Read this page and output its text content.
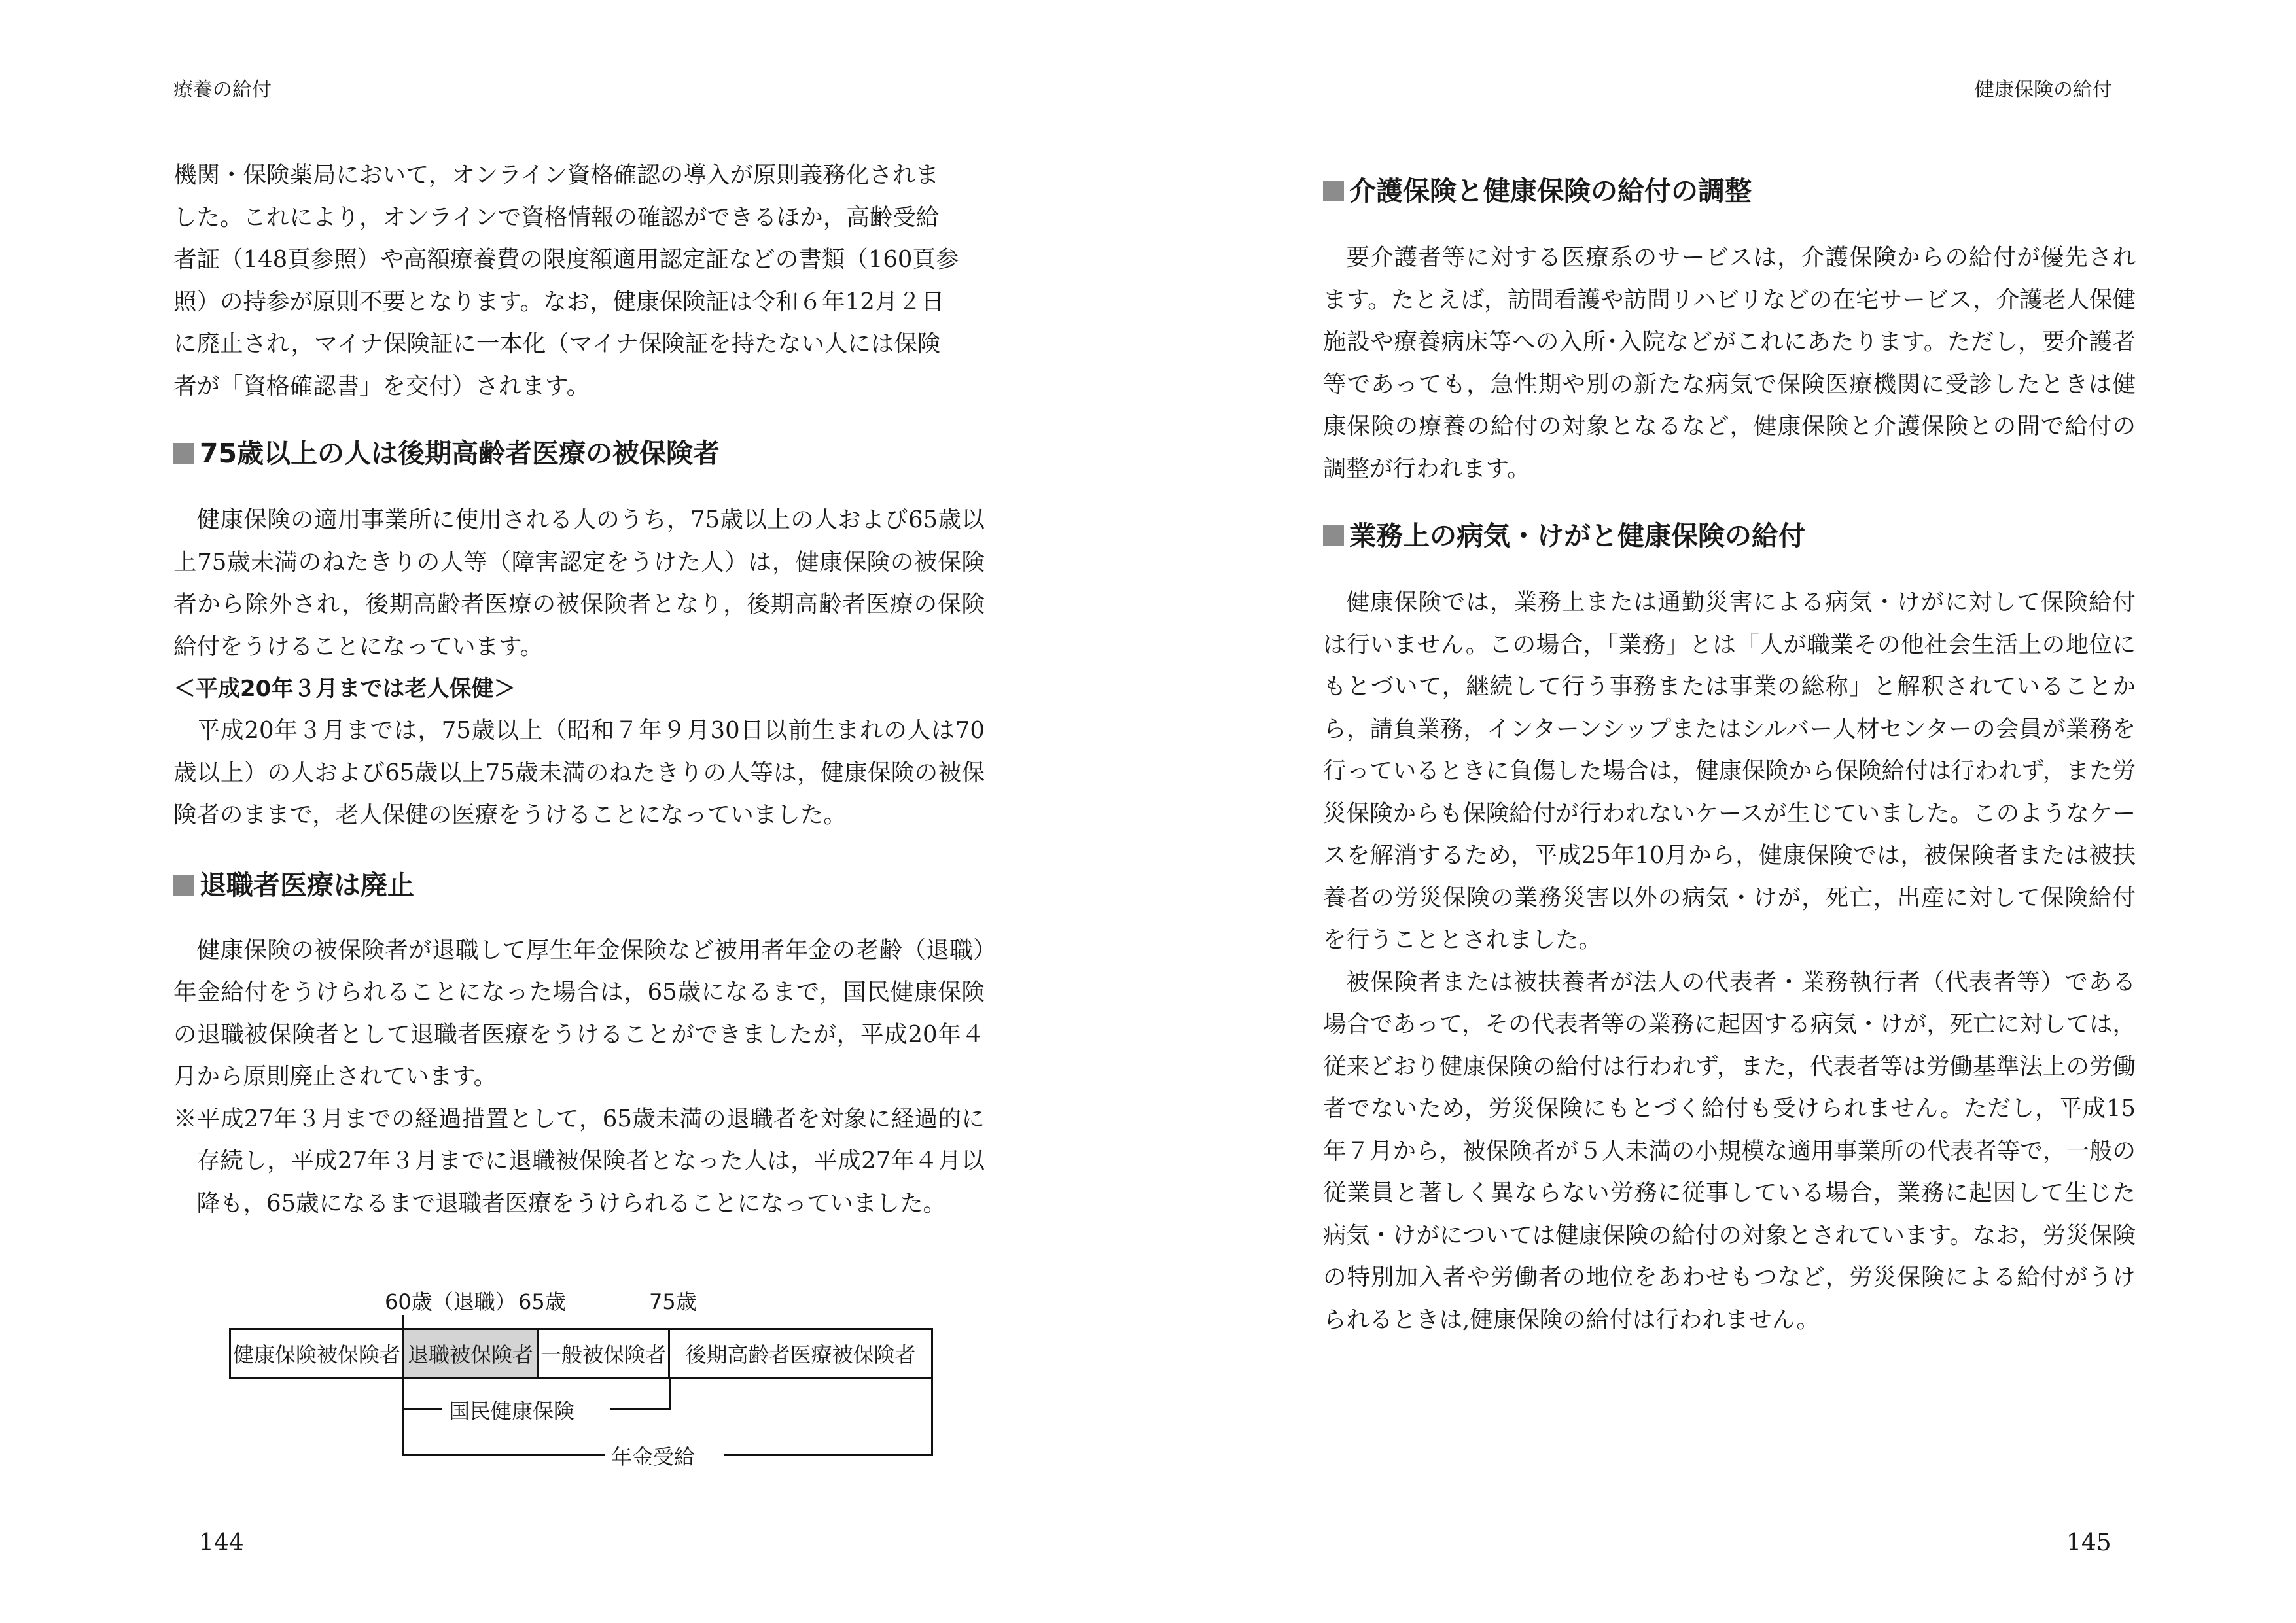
療養の給付	健康保険の給付
機関・保険薬局において，オンライン資格確認の導入が原則義務化されま
した。これにより，オンラインで資格情報の確認ができるほか，高齢受給
者証（148頁参照）や高額療養費の限度額適用認定証などの書類（160頁参
照）の持参が原則不要となります。なお，健康保険証は令和６年12月２日
に廃止され，マイナ保険証に一本化（マイナ保険証を持たない人には保険
者が「資格確認書」を交付）されます。
75歳以上の人は後期高齢者医療の被保険者

健康保険の適用事業所に使用される人のうち，75歳以上の人および65歳以上75歳未満のねたきりの人等（障害認定をうけた人）は，健康保険の被保険者から除外され，後期高齢者医療の被保険者となり，後期高齢者医療の保険給付をうけることになっています。

＜平成20年３月までは老人保健＞

平成20年３月までは，75歳以上（昭和７年９月30日以前生まれの人は70歳以上）の人および65歳以上75歳未満のねたきりの人等は，健康保険の被保険者のままで，老人保健の医療をうけることになっていました。

退職者医療は廃止

健康保険の被保険者が退職して厚生年金保険など被用者年金の老齢（退職）年金給付をうけられることになった場合は，65歳になるまで，国民健康保険の退職被保険者として退職者医療をうけることができましたが，平成20年４月から原則廃止されています。

※平成27年３月までの経過措置として，65歳未満の退職者を対象に経過的に存続し，平成27年３月までに退職被保険者となった人は，平成27年４月以降も，65歳になるまで退職者医療をうけられることになっていました。

60歳（退職） 65歳	75歳
健康保険被保険者 退職被保険者 一般被保険者 後期高齢者医療被保険者
国民健康保険
年金受給
介護保険と健康保険の給付の調整

要介護者等に対する医療系のサービスは，介護保険からの給付が優先されます。たとえば，訪問看護や訪問リハビリなどの在宅サービス，介護老人保健施設や療養病床等への入所･入院などがこれにあたります。ただし，要介護者等であっても，急性期や別の新たな病気で保険医療機関に受診したときは健康保険の療養の給付の対象となるなど，健康保険と介護保険との間で給付の調整が行われます。

業務上の病気・けがと健康保険の給付

健康保険では，業務上または通勤災害による病気・けがに対して保険給付は行いません。この場合，「業務」とは「人が職業その他社会生活上の地位にもとづいて，継続して行う事務または事業の総称」と解釈されていることから，請負業務，インターンシップまたはシルバー人材センターの会員が業務を行っているときに負傷した場合は，健康保険から保険給付は行われず，また労災保険からも保険給付が行われないケースが生じていました。このようなケースを解消するため，平成25年10月から，健康保険では，被保険者または被扶養者の労災保険の業務災害以外の病気・けが，死亡，出産に対して保険給付を行うこととされました。

被保険者または被扶養者が法人の代表者・業務執行者（代表者等）である場合であって，その代表者等の業務に起因する病気・けが，死亡に対しては，従来どおり健康保険の給付は行われず，また，代表者等は労働基準法上の労働者でないため，労災保険にもとづく給付も受けられません。ただし，平成15年７月から，被保険者が５人未満の小規模な適用事業所の代表者等で，一般の従業員と著しく異ならない労務に従事している場合，業務に起因して生じた病気・けがについては健康保険の給付の対象とされています。なお，労災保険の特別加入者や労働者の地位をあわせもつなど，労災保険による給付がうけられるときは,健康保険の給付は行われません。

144	145
